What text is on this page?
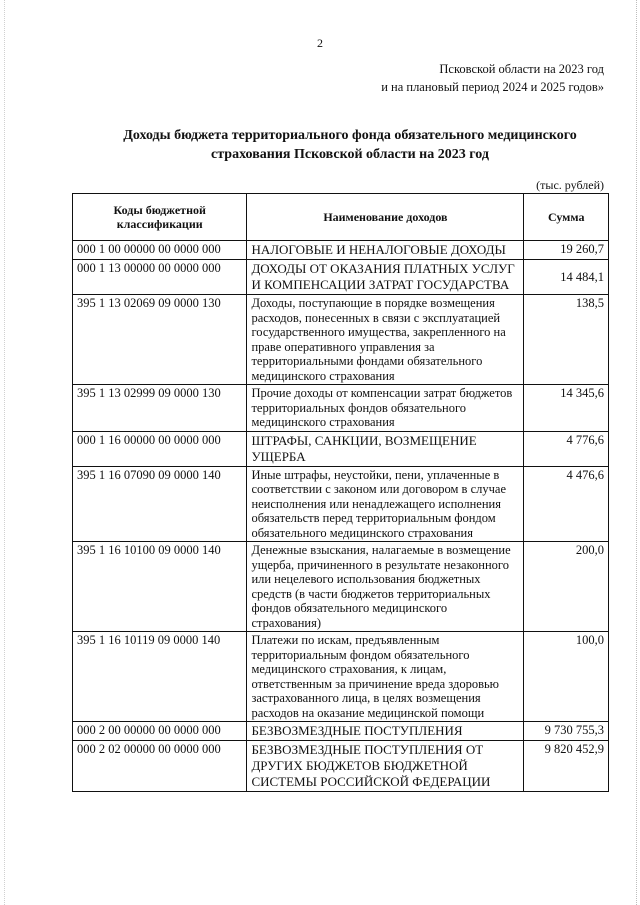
2
Псковской области на 2023 год
и на плановый период 2024 и 2025 годов»
Доходы бюджета территориального фонда обязательного медицинского
страхования Псковской области на 2023 год
(тыс. рублей)
Коды бюджетной классификации	Наименование доходов	Сумма
000 1 00 00000 00 0000 000	НАЛОГОВЫЕ И НЕНАЛОГОВЫЕ ДОХОДЫ	19 260,7
000 1 13 00000 00 0000 000	ДОХОДЫ ОТ ОКАЗАНИЯ ПЛАТНЫХ УСЛУГ И КОМПЕНСАЦИИ ЗАТРАТ ГОСУДАРСТВА	14 484,1
395 1 13 02069 09 0000 130	Доходы, поступающие в порядке возмещения расходов, понесенных в связи с эксплуатацией государственного имущества, закрепленного на праве оперативного управления за территориальными фондами обязательного медицинского страхования	138,5
395 1 13 02999 09 0000 130	Прочие доходы от компенсации затрат бюджетов территориальных фондов обязательного медицинского страхования	14 345,6
000 1 16 00000 00 0000 000	ШТРАФЫ, САНКЦИИ, ВОЗМЕЩЕНИЕ УЩЕРБА	4 776,6
395 1 16 07090 09 0000 140	Иные штрафы, неустойки, пени, уплаченные в соответствии с законом или договором в случае неисполнения или ненадлежащего исполнения обязательств перед территориальным фондом обязательного медицинского страхования	4 476,6
395 1 16 10100 09 0000 140	Денежные взыскания, налагаемые в возмещение ущерба, причиненного в результате незаконного или нецелевого использования бюджетных средств (в части бюджетов территориальных фондов обязательного медицинского страхования)	200,0
395 1 16 10119 09 0000 140	Платежи по искам, предъявленным территориальным фондом обязательного медицинского страхования, к лицам, ответственным за причинение вреда здоровью застрахованного лица, в целях возмещения расходов на оказание медицинской помощи	100,0
000 2 00 00000 00 0000 000	БЕЗВОЗМЕЗДНЫЕ ПОСТУПЛЕНИЯ	9 730 755,3
000 2 02 00000 00 0000 000	БЕЗВОЗМЕЗДНЫЕ ПОСТУПЛЕНИЯ ОТ ДРУГИХ БЮДЖЕТОВ БЮДЖЕТНОЙ СИСТЕМЫ РОССИЙСКОЙ ФЕДЕРАЦИИ	9 820 452,9
